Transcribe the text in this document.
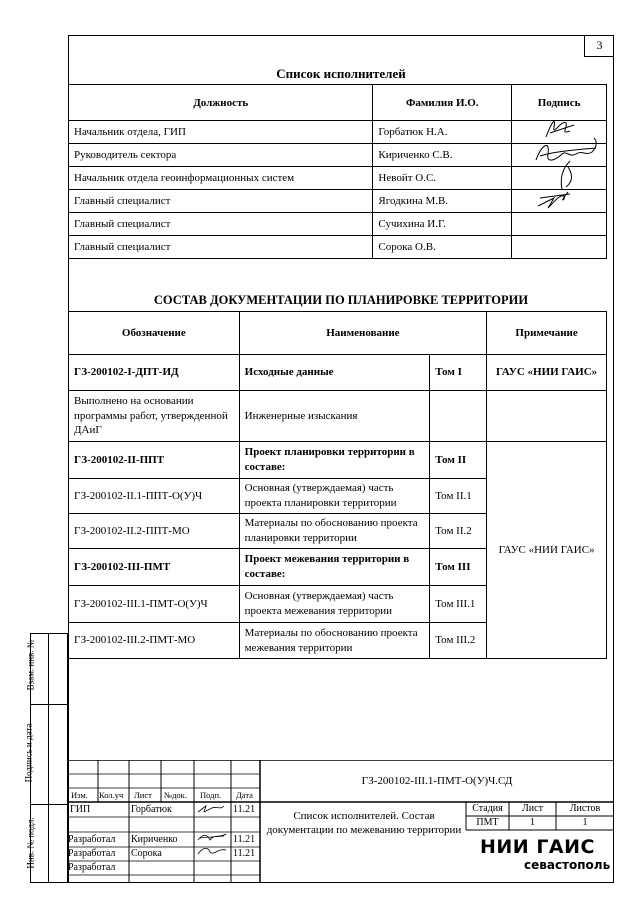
3
Список исполнителей
Должность	Фамилия И.О.	Подпись
Начальник отдела, ГИП	Горбатюк Н.А.	

Руководитель сектора	Кириченко С.В.	

Начальник отдела геоинформационных систем	Невойт О.С.	

Главный специалист	Ягодкина М.В.	

Главный специалист	Сучихина И.Г.	
Главный специалист	Сорока О.В.	
СОСТАВ ДОКУМЕНТАЦИИ ПО ПЛАНИРОВКЕ ТЕРРИТОРИИ
Обозначение	Наименование		Примечание
ГЗ-200102-I-ДПТ-ИД	Исходные данные	Том I	ГАУС «НИИ ГАИС»
Выполнено на основании программы работ, утвержденной ДАиГ	Инженерные изыскания		
ГЗ-200102-II-ППТ	Проект планировки территории в составе:	Том II	ГАУС «НИИ ГАИС»
ГЗ-200102-II.1-ППТ-О(У)Ч	Основная (утверждаемая) часть проекта планировки территории	Том II.1	
ГЗ-200102-II.2-ППТ-МО	Материалы по обоснованию проекта планировки территории	Том II.2	
ГЗ-200102-III-ПМТ	Проект межевания территории в составе:	Том III	
ГЗ-200102-III.1-ПМТ-О(У)Ч	Основная (утверждаемая) часть проекта межевания территории	Том III.1	
ГЗ-200102-III.2-ПМТ-МО	Материалы по обоснованию проекта межевания территории	Том III.2	
Взам. инв. №
Подпись и дата
Инв. № подл.
Изм. Кол.уч Лист №док. Подп. Дата
ГИП	Горбатюк	11.21
Разработал Кириченко	11.21
Разработал Сорока	11.21
Разработал
ГЗ-200102-III.1-ПМТ-О(У)Ч.СД
Список исполнителей. Состав документации по межеванию территории
Стадия	Лист	Листов
ПМТ	1	1
НИИ ГАИС
севастополь
